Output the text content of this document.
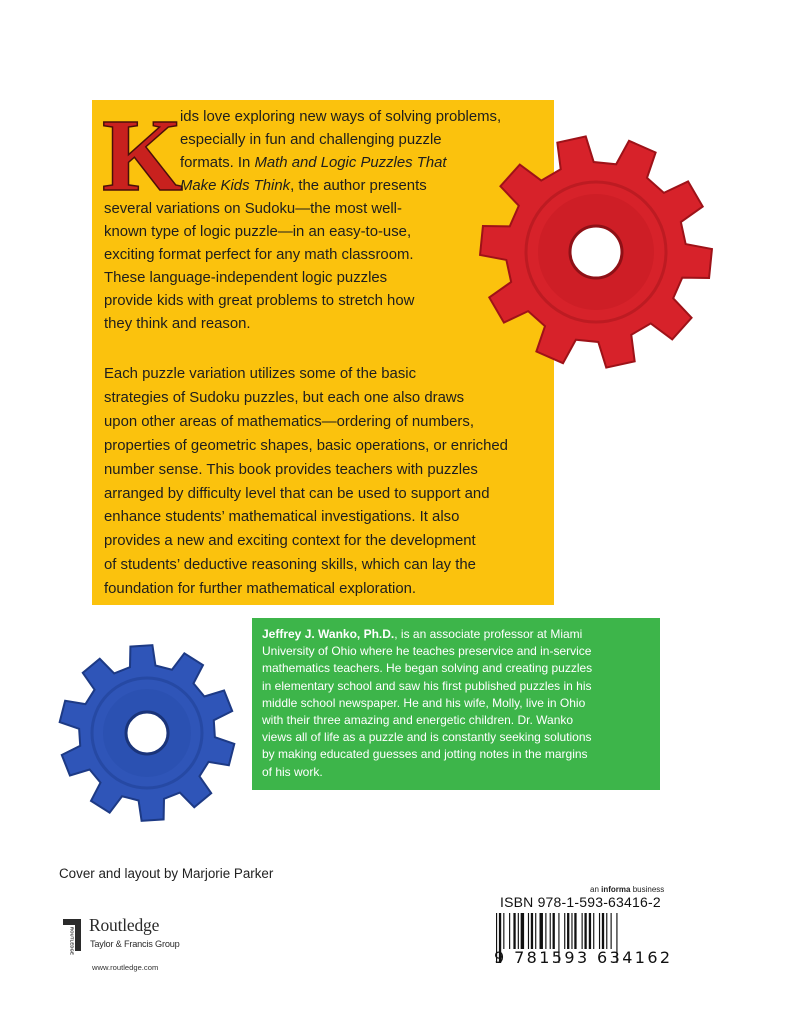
K

ids love exploring new ways of solving problems,
especially in fun and challenging puzzle
formats. In Math and Logic Puzzles That
Make Kids Think, the author presents
several variations on Sudoku—the most well-
known type of logic puzzle—in an easy-to-use,
exciting format perfect for any math classroom.
These language-independent logic puzzles
provide kids with great problems to stretch how
they think and reason.

Each puzzle variation utilizes some of the basic
strategies of Sudoku puzzles, but each one also draws
upon other areas of mathematics—ordering of numbers,
properties of geometric shapes, basic operations, or enriched
number sense. This book provides teachers with puzzles
arranged by difficulty level that can be used to support and
enhance students’ mathematical investigations. It also
provides a new and exciting context for the development
of students’ deductive reasoning skills, which can lay the
foundation for further mathematical exploration.

Jeffrey J. Wanko, Ph.D., is an associate professor at Miami
University of Ohio where he teaches preservice and in-service
mathematics teachers. He began solving and creating puzzles
in elementary school and saw his first published puzzles in his
middle school newspaper. He and his wife, Molly, live in Ohio
with their three amazing and energetic children. Dr. Wanko
views all of life as a puzzle and is constantly seeking solutions
by making educated guesses and jotting notes in the margins
of his work.

Cover and layout by Marjorie Parker
ROUTLEDGE
Routledge
Taylor & Francis Group
www.routledge.com
an informa business
ISBN 978-1-593-63416-2
9 781593 634162
